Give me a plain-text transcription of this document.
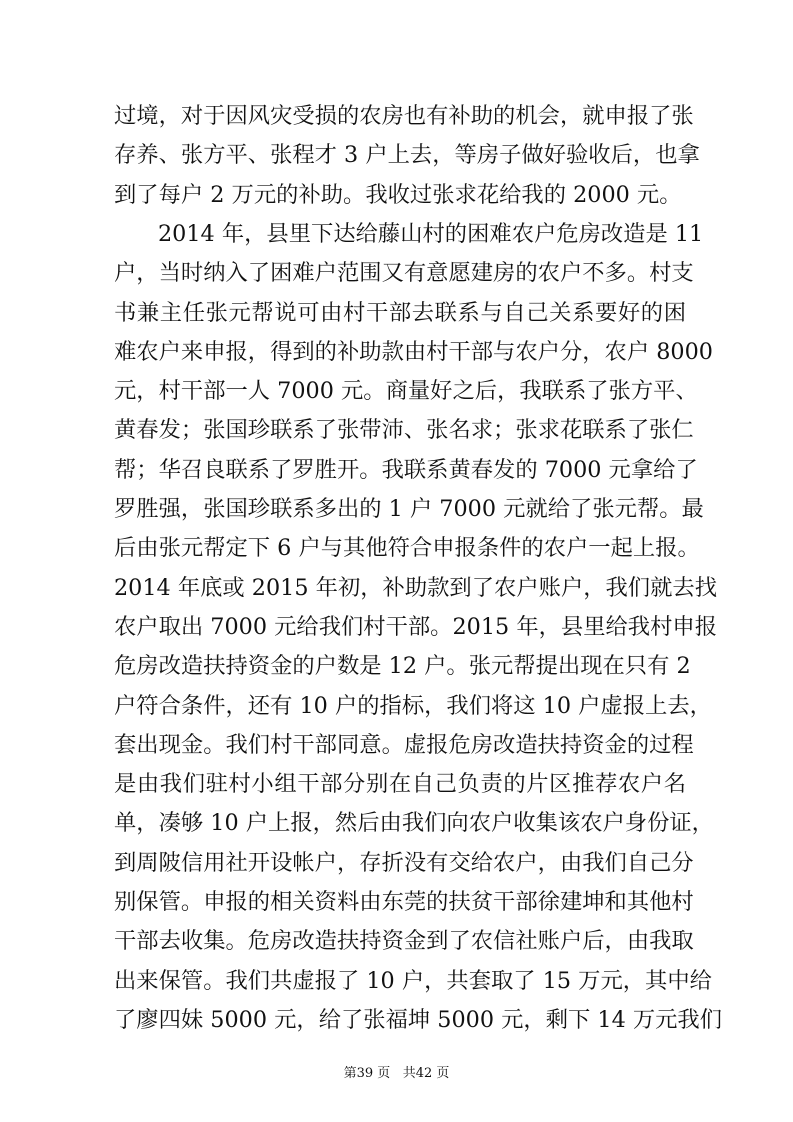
过境，对于因风灾受损的农房也有补助的机会，就申报了张
存养、张方平、张程才 3 户上去，等房子做好验收后，也拿
到了每户 2 万元的补助。我收过张求花给我的 2000 元。
2014 年，县里下达给藤山村的困难农户危房改造是 11
户，当时纳入了困难户范围又有意愿建房的农户不多。村支
书兼主任张元帮说可由村干部去联系与自己关系要好的困
难农户来申报，得到的补助款由村干部与农户分，农户 8000
元，村干部一人 7000 元。商量好之后，我联系了张方平、
黄春发；张国珍联系了张带沛、张名求；张求花联系了张仁
帮；华召良联系了罗胜开。我联系黄春发的 7000 元拿给了
罗胜强，张国珍联系多出的 1 户 7000 元就给了张元帮。最
后由张元帮定下 6 户与其他符合申报条件的农户一起上报。
2014 年底或 2015 年初，补助款到了农户账户，我们就去找
农户取出 7000 元给我们村干部。2015 年，县里给我村申报
危房改造扶持资金的户数是 12 户。张元帮提出现在只有 2
户符合条件，还有 10 户的指标，我们将这 10 户虚报上去，
套出现金。我们村干部同意。虚报危房改造扶持资金的过程
是由我们驻村小组干部分别在自己负责的片区推荐农户名
单，凑够 10 户上报，然后由我们向农户收集该农户身份证，
到周陂信用社开设帐户，存折没有交给农户，由我们自己分
别保管。申报的相关资料由东莞的扶贫干部徐建坤和其他村
第39 页 共42 页
干部去收集。危房改造扶持资金到了农信社账户后，由我取
出来保管。我们共虚报了 10 户，共套取了 15 万元，其中给
了廖四妹 5000 元，给了张福坤 5000 元，剩下 14 万元我们
